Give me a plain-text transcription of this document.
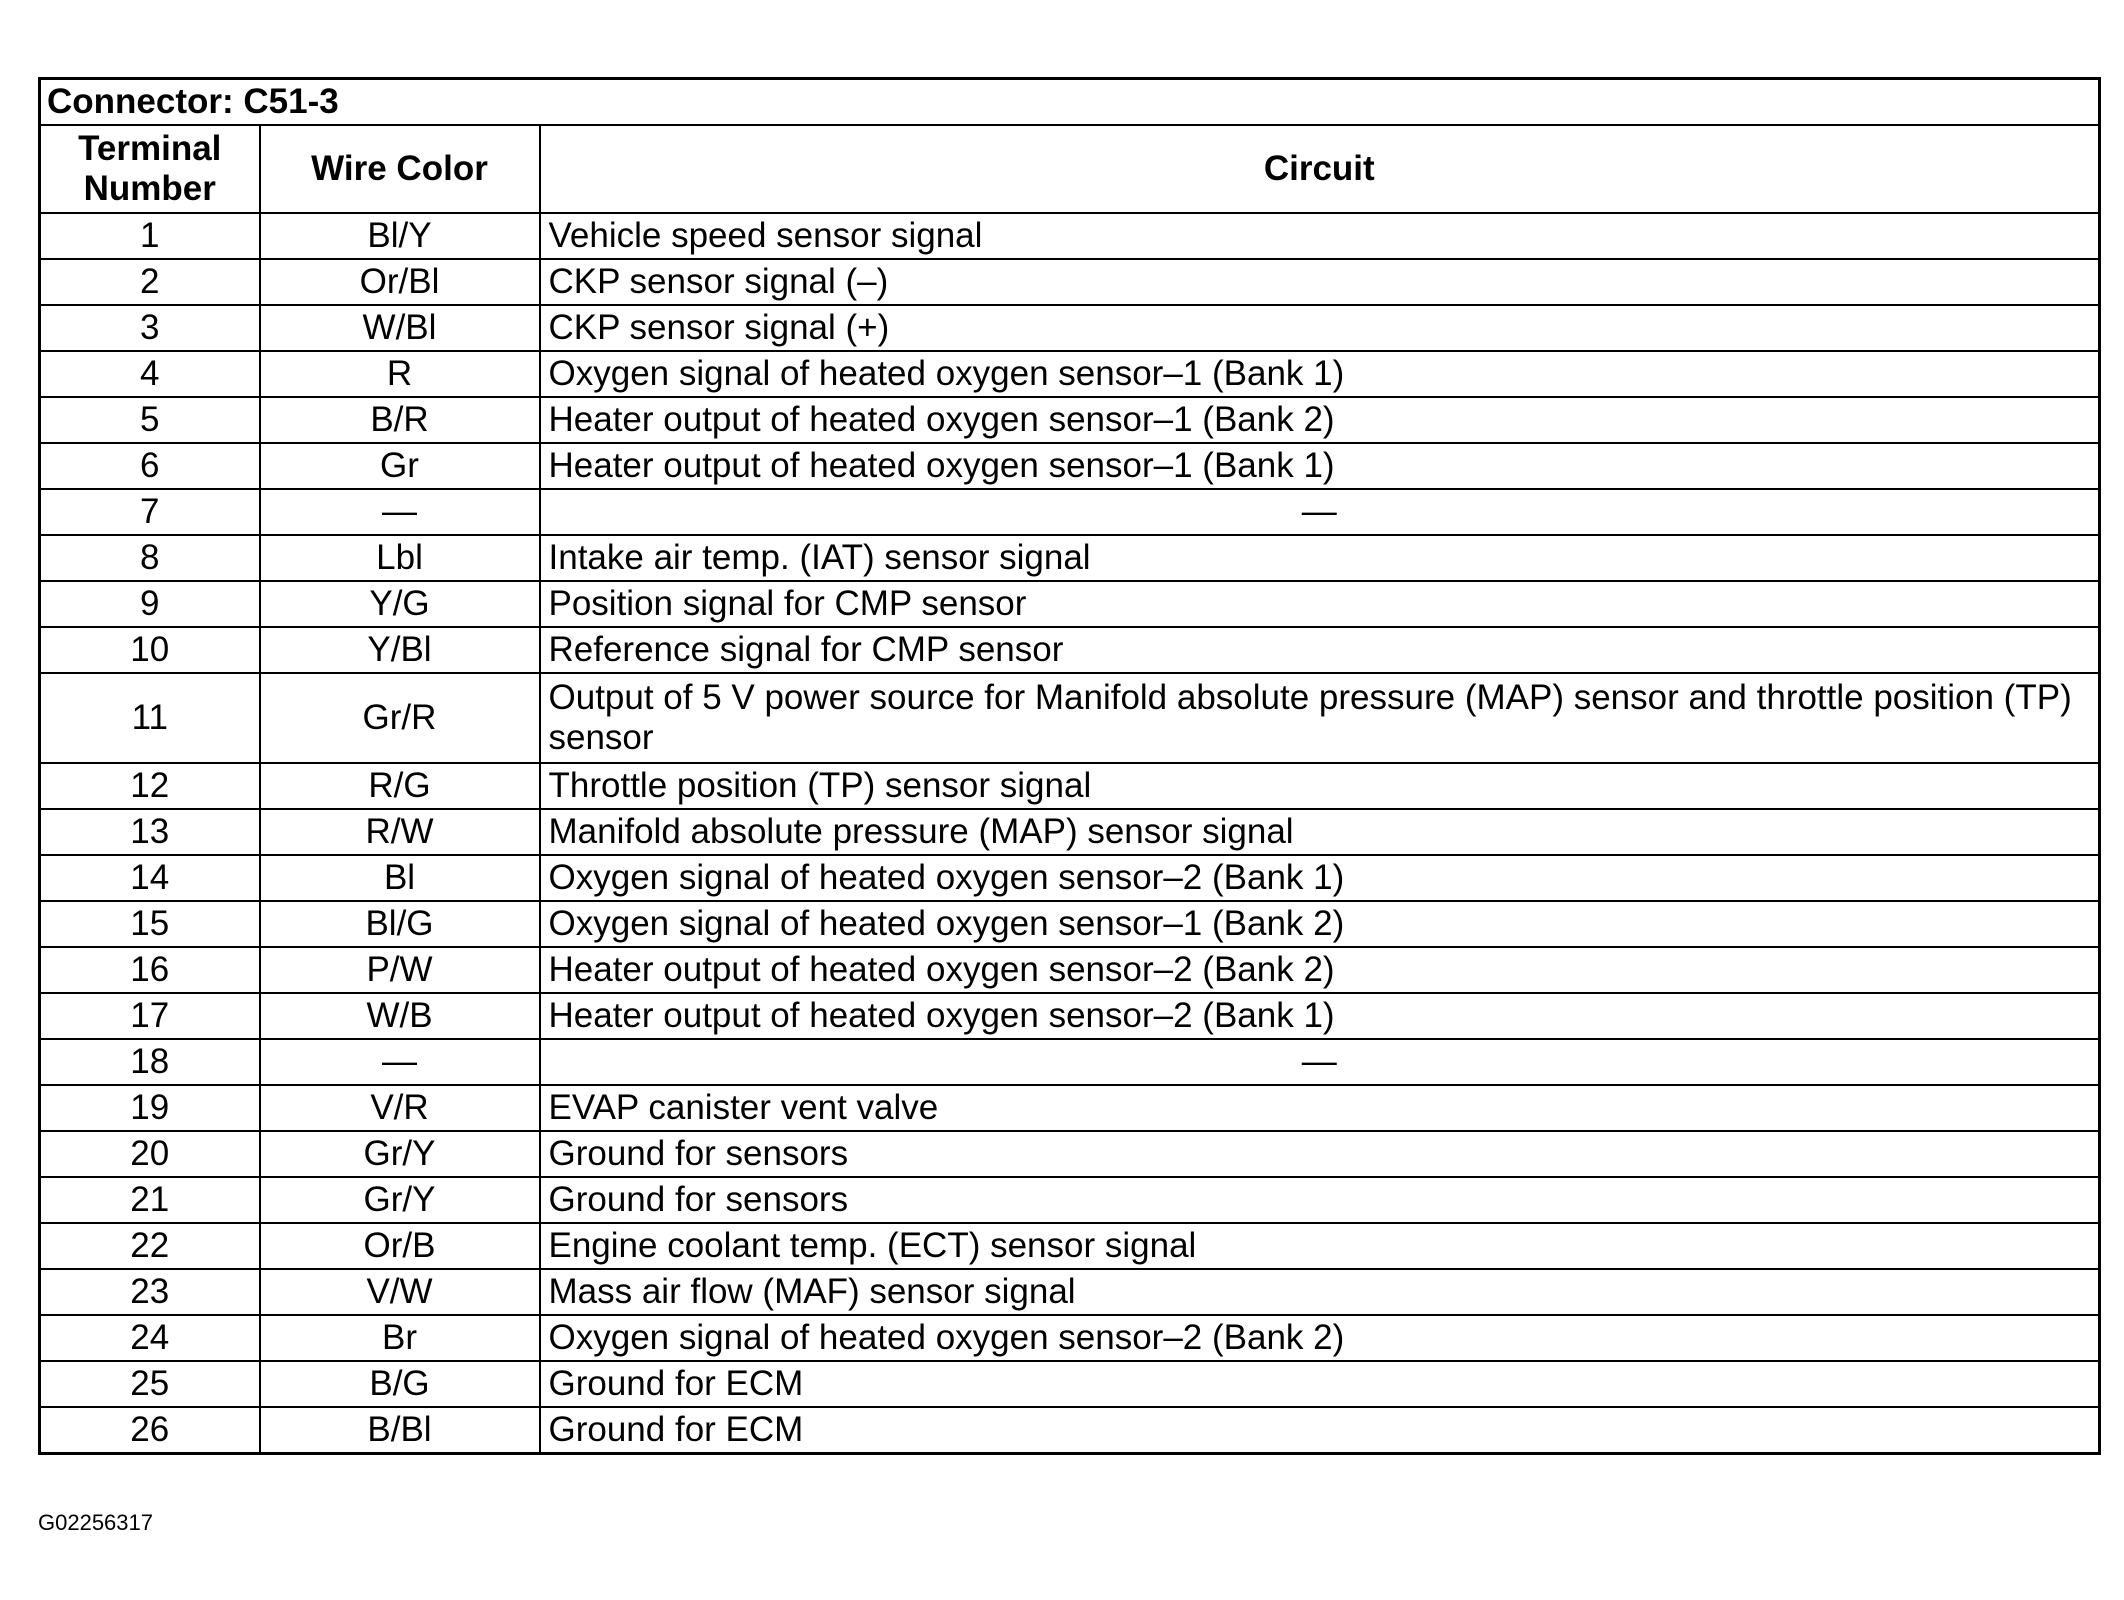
Connector: C51-3		
Terminal
Number	Wire Color	Circuit
1	Bl/Y	Vehicle speed sensor signal
2	Or/Bl	CKP sensor signal (–)
3	W/Bl	CKP sensor signal (+)
4	R	Oxygen signal of heated oxygen sensor–1 (Bank 1)
5	B/R	Heater output of heated oxygen sensor–1 (Bank 2)
6	Gr	Heater output of heated oxygen sensor–1 (Bank 1)
7	—	—
8	Lbl	Intake air temp. (IAT) sensor signal
9	Y/G	Position signal for CMP sensor
10	Y/Bl	Reference signal for CMP sensor
11	Gr/R	Output of 5 V power source for Manifold absolute pressure (MAP) sensor and throttle position (TP) sensor
12	R/G	Throttle position (TP) sensor signal
13	R/W	Manifold absolute pressure (MAP) sensor signal
14	Bl	Oxygen signal of heated oxygen sensor–2 (Bank 1)
15	Bl/G	Oxygen signal of heated oxygen sensor–1 (Bank 2)
16	P/W	Heater output of heated oxygen sensor–2 (Bank 2)
17	W/B	Heater output of heated oxygen sensor–2 (Bank 1)
18	—	—
19	V/R	EVAP canister vent valve
20	Gr/Y	Ground for sensors
21	Gr/Y	Ground for sensors
22	Or/B	Engine coolant temp. (ECT) sensor signal
23	V/W	Mass air flow (MAF) sensor signal
24	Br	Oxygen signal of heated oxygen sensor–2 (Bank 2)
25	B/G	Ground for ECM
26	B/Bl	Ground for ECM
G02256317
